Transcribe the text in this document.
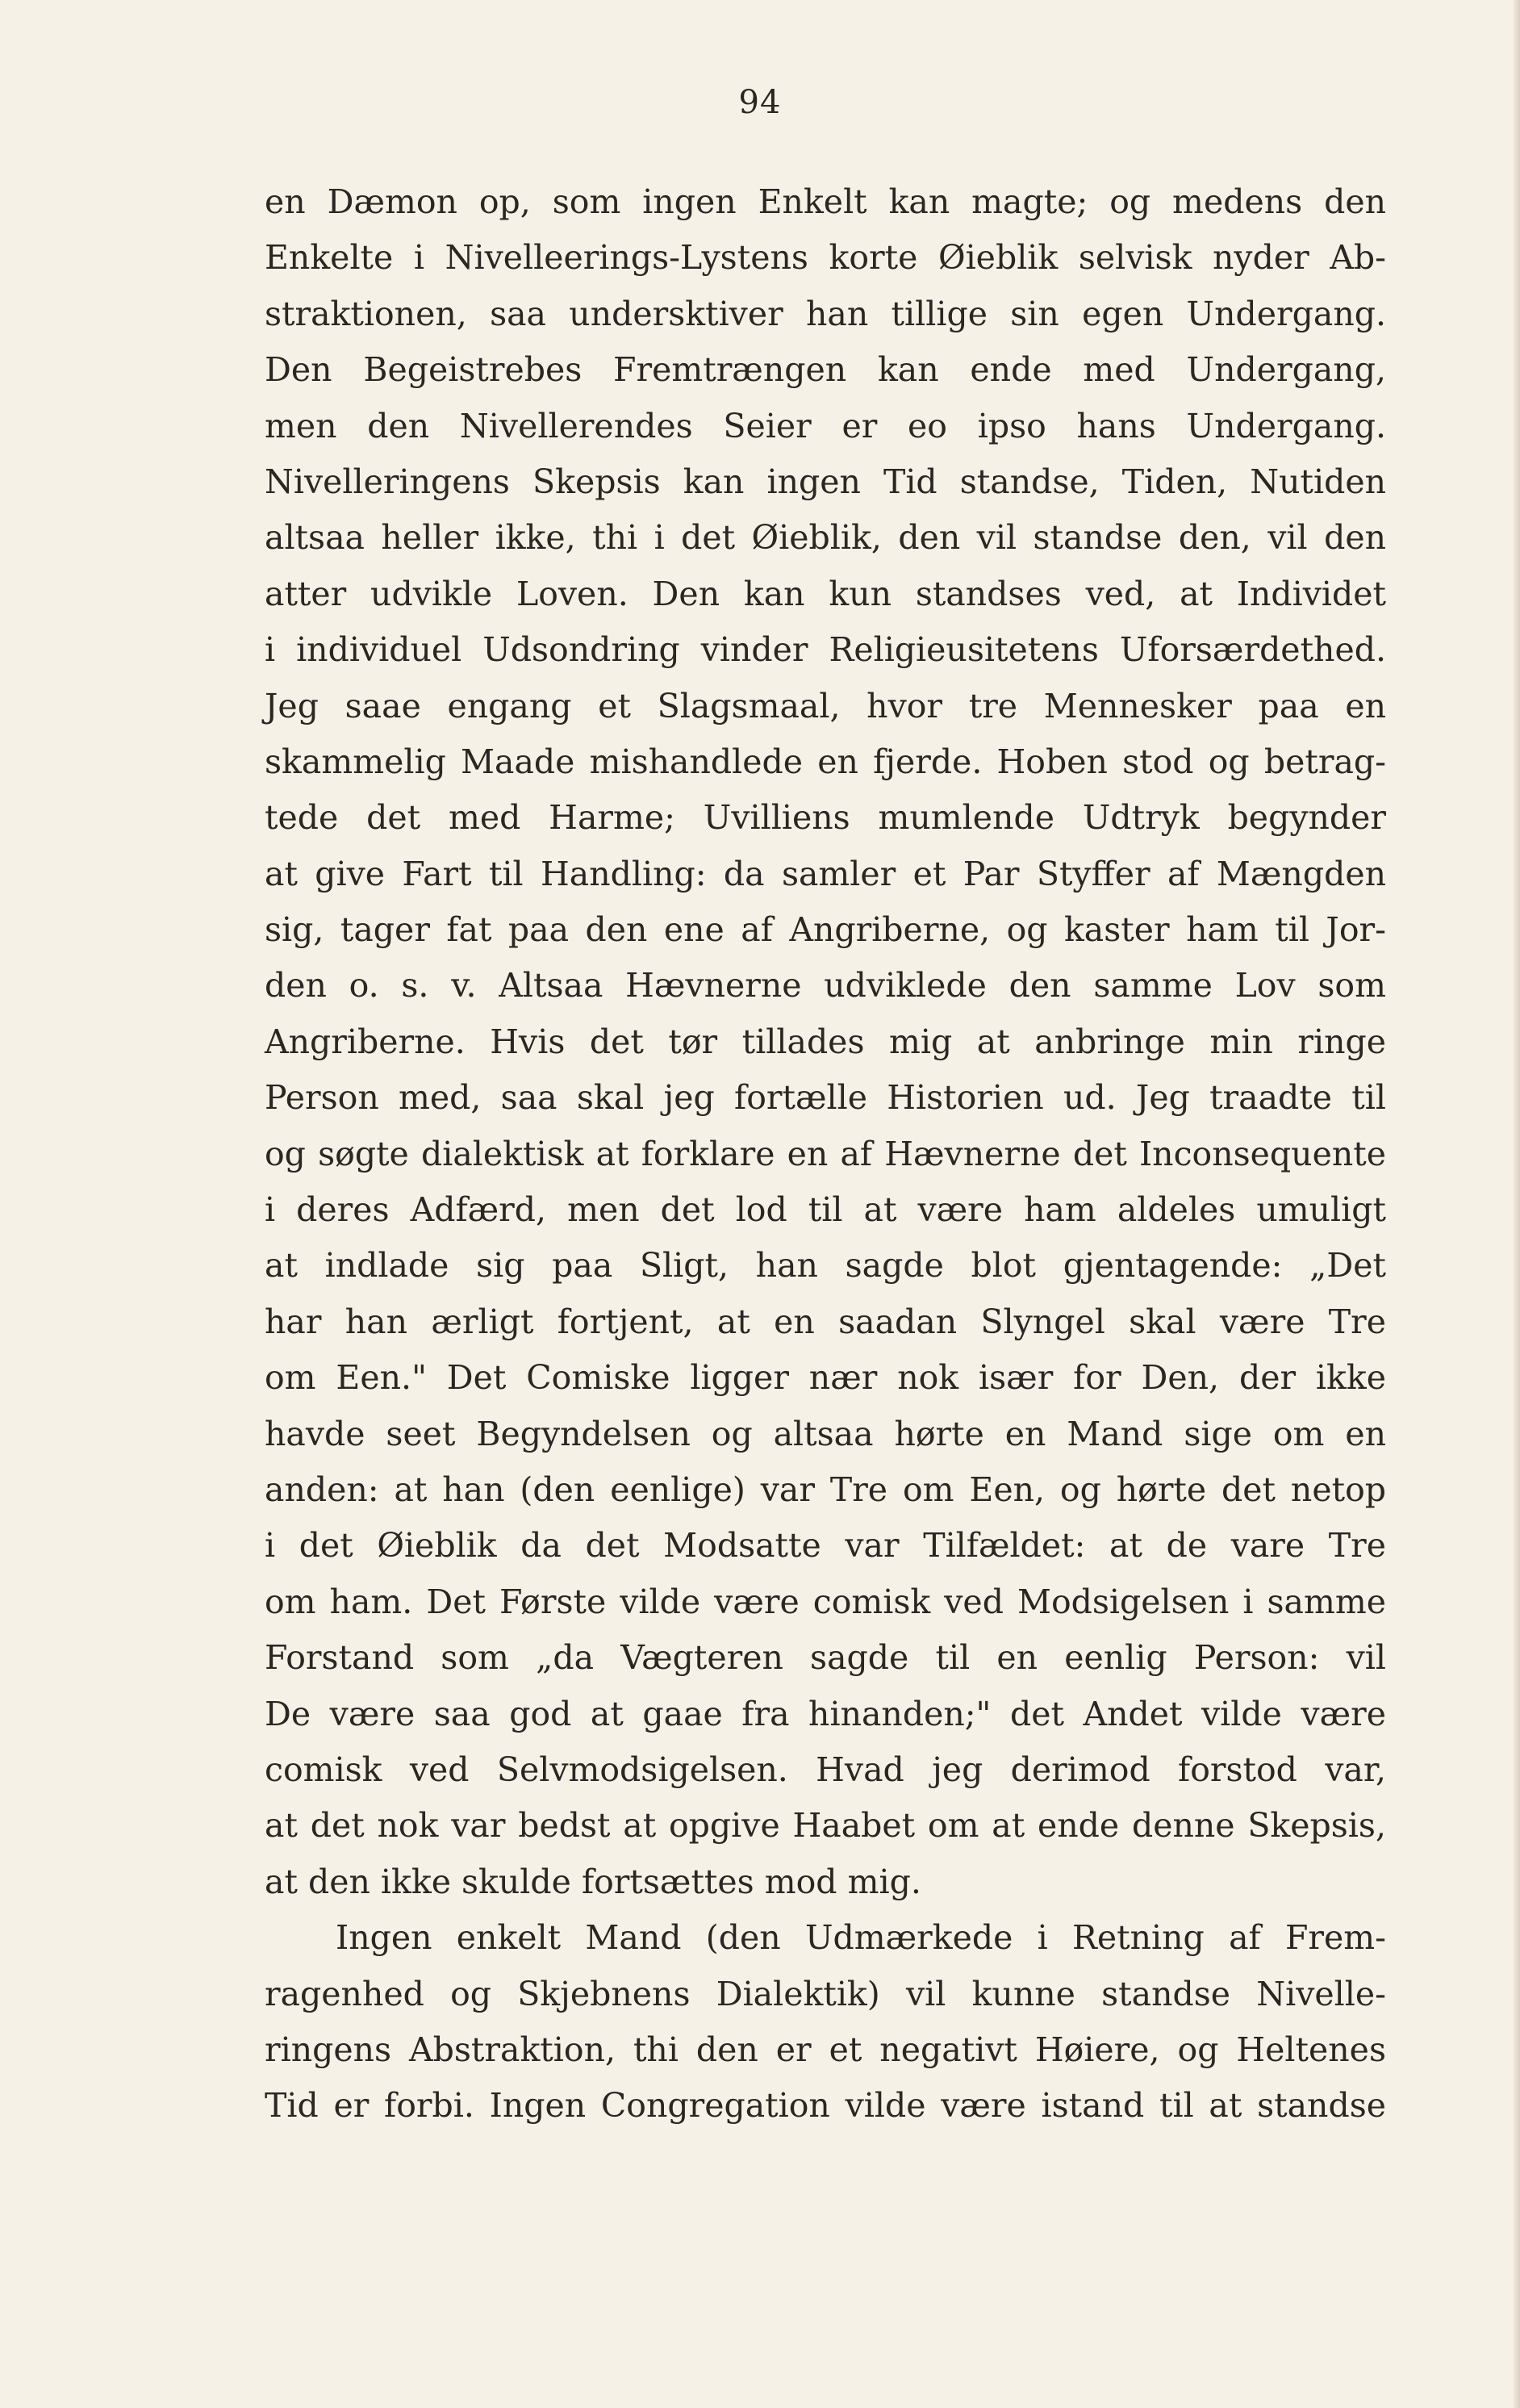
94
en Dæmon op, som ingen Enkelt kan magte; og medens den
Enkelte i Nivelleerings-Lystens korte Øieblik selvisk nyder Ab-
straktionen, saa undersktiver han tillige sin egen Undergang.
Den Begeistrebes Fremtrængen kan ende med Undergang,
men den Nivellerendes Seier er eo ipso hans Undergang.
Nivelleringens Skepsis kan ingen Tid standse, Tiden, Nutiden
altsaa heller ikke, thi i det Øieblik, den vil standse den, vil den
atter udvikle Loven. Den kan kun standses ved, at Individet
i individuel Udsondring vinder Religieusitetens Uforsærdethed.
Jeg saae engang et Slagsmaal, hvor tre Mennesker paa en
skammelig Maade mishandlede en fjerde. Hoben stod og betrag-
tede det med Harme; Uvilliens mumlende Udtryk begynder
at give Fart til Handling: da samler et Par Styffer af Mængden
sig, tager fat paa den ene af Angriberne, og kaster ham til Jor-
den o. s. v. Altsaa Hævnerne udviklede den samme Lov som
Angriberne. Hvis det tør tillades mig at anbringe min ringe
Person med, saa skal jeg fortælle Historien ud. Jeg traadte til
og søgte dialektisk at forklare en af Hævnerne det Inconsequente
i deres Adfærd, men det lod til at være ham aldeles umuligt
at indlade sig paa Sligt, han sagde blot gjentagende: „Det
har han ærligt fortjent, at en saadan Slyngel skal være Tre
om Een." Det Comiske ligger nær nok især for Den, der ikke
havde seet Begyndelsen og altsaa hørte en Mand sige om en
anden: at han (den eenlige) var Tre om Een, og hørte det netop
i det Øieblik da det Modsatte var Tilfældet: at de vare Tre
om ham. Det Første vilde være comisk ved Modsigelsen i samme
Forstand som „da Vægteren sagde til en eenlig Person: vil
De være saa god at gaae fra hinanden;" det Andet vilde være
comisk ved Selvmodsigelsen. Hvad jeg derimod forstod var,
at det nok var bedst at opgive Haabet om at ende denne Skepsis,
at den ikke skulde fortsættes mod mig.
Ingen enkelt Mand (den Udmærkede i Retning af Frem-
ragenhed og Skjebnens Dialektik) vil kunne standse Nivelle-
ringens Abstraktion, thi den er et negativt Høiere, og Heltenes
Tid er forbi. Ingen Congregation vilde være istand til at standse
